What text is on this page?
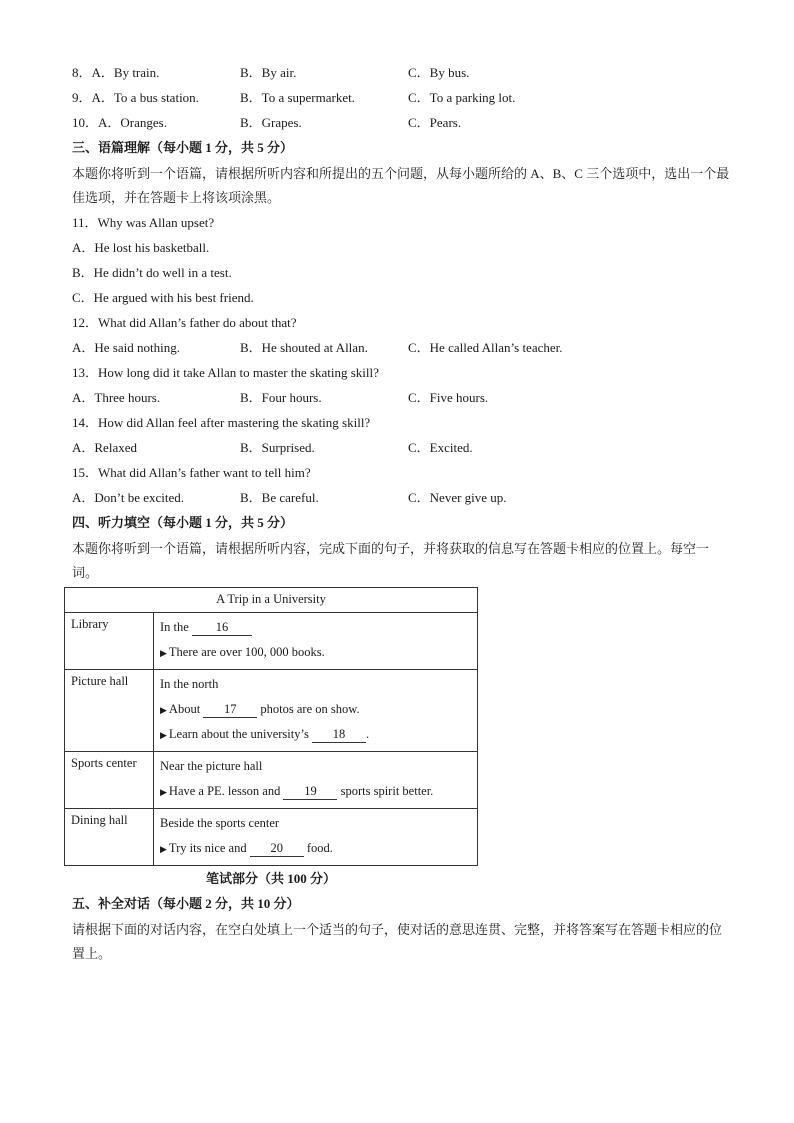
8．A．By train.	B．By air.	C．By bus.
9．A．To a bus station.	B．To a supermarket.	C．To a parking lot.
10．A．Oranges.	B．Grapes.	C．Pears.
三、语篇理解（每小题 1 分，共 5 分）
本题你将听到一个语篇，请根据所听内容和所提出的五个问题，从每小题所给的 A、B、C 三个选项中，选出一个最佳选项，并在答题卡上将该项涂黑。
11．Why was Allan upset?
A．He lost his basketball.
B．He didn’t do well in a test.
C．He argued with his best friend.
12．What did Allan’s father do about that?
A．He said nothing.	B．He shouted at Allan.	C．He called Allan’s teacher.
13．How long did it take Allan to master the skating skill?
A．Three hours.	B．Four hours.	C．Five hours.
14．How did Allan feel after mastering the skating skill?
A．Relaxed	B．Surprised.	C．Excited.
15．What did Allan’s father want to tell him?
A．Don’t be excited.	B．Be careful.	C．Never give up.
四、听力填空（每小题 1 分，共 5 分）
本题你将听到一个语篇，请根据所听内容，完成下面的句子，并将获取的信息写在答题卡相应的位置上。每空一词。
A Trip in a University	
Library	In the 16
▶ There are over 100, 000 books.

Picture hall	In the north
▶ About 17 photos are on show.
▶ Learn about the university’s 18 .

Sports center	Near the picture hall
▶ Have a PE. lesson and 19 sports spirit better.

Dining hall	Beside the sports center
▶ Try its nice and 20 food.
笔试部分（共 100 分）
五、补全对话（每小题 2 分，共 10 分）
请根据下面的对话内容，在空白处填上一个适当的句子，使对话的意思连贯、完整，并将答案写在答题卡相应的位置上。
